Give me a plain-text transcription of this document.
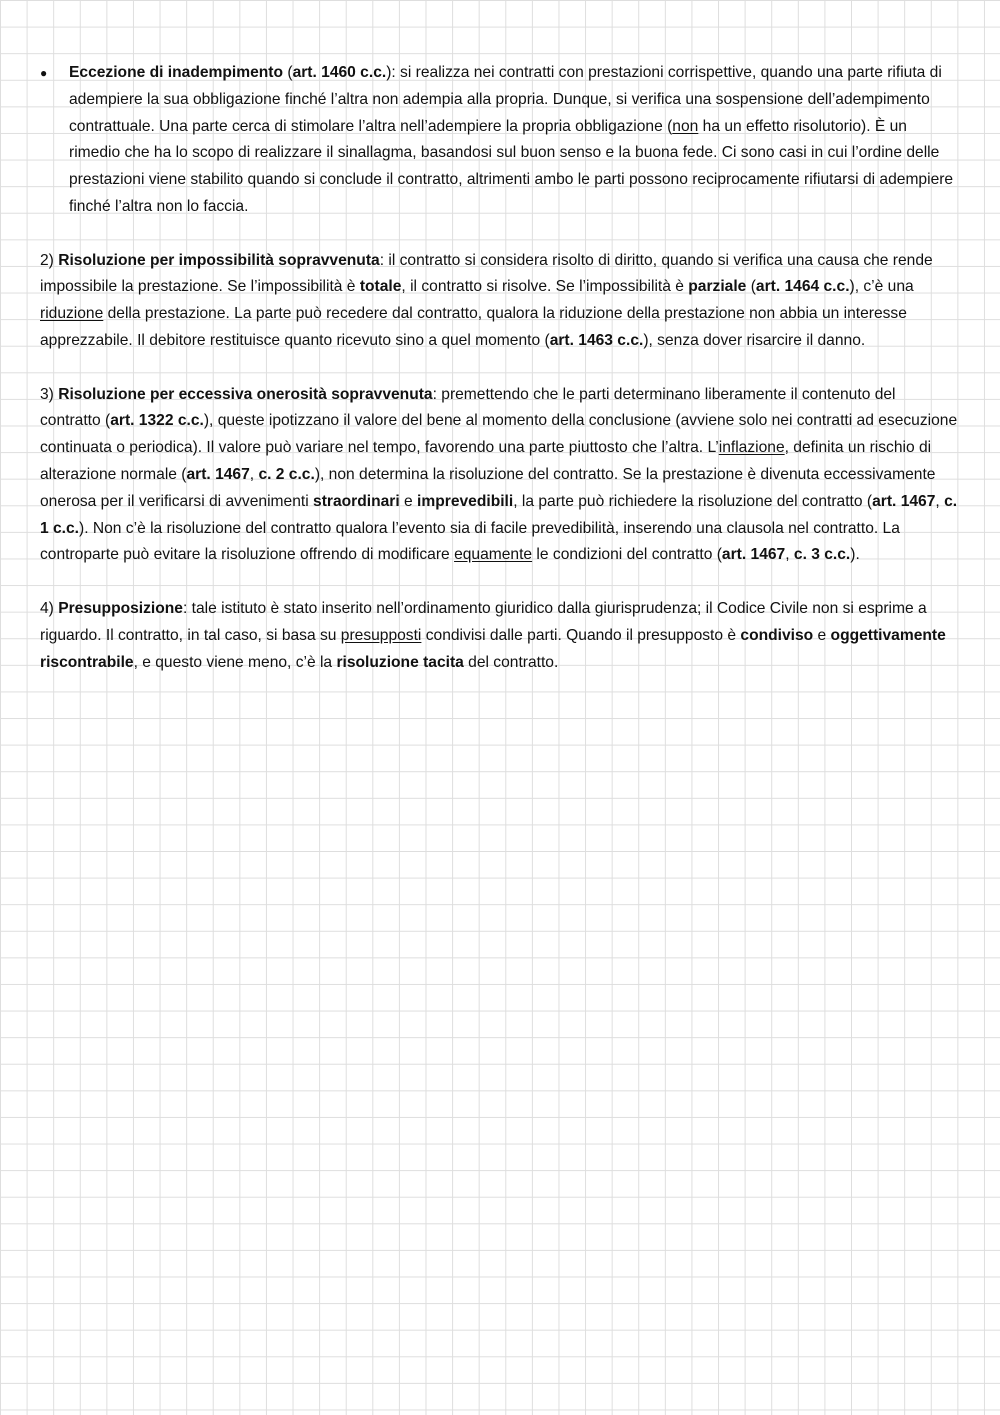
● Eccezione di inadempimento (art. 1460 c.c.): si realizza nei contratti con prestazioni corrispettive, quando una parte rifiuta di adempiere la sua obbligazione finché l’altra non adempia alla propria. Dunque, si verifica una sospensione dell’adempimento contrattuale. Una parte cerca di stimolare l’altra nell’adempiere la propria obbligazione (non ha un effetto risolutorio). È un rimedio che ha lo scopo di realizzare il sinallagma, basandosi sul buon senso e la buona fede. Ci sono casi in cui l’ordine delle prestazioni viene stabilito quando si conclude il contratto, altrimenti ambo le parti possono reciprocamente rifiutarsi di adempiere finché l’altra non lo faccia.

2) Risoluzione per impossibilità sopravvenuta: il contratto si considera risolto di diritto, quando si verifica una causa che rende impossibile la prestazione. Se l’impossibilità è totale, il contratto si risolve. Se l’impossibilità è parziale (art. 1464 c.c.), c’è una riduzione della prestazione. La parte può recedere dal contratto, qualora la riduzione della prestazione non abbia un interesse apprezzabile. Il debitore restituisce quanto ricevuto sino a quel momento (art. 1463 c.c.), senza dover risarcire il danno.

3) Risoluzione per eccessiva onerosità sopravvenuta: premettendo che le parti determinano liberamente il contenuto del contratto (art. 1322 c.c.), queste ipotizzano il valore del bene al momento della conclusione (avviene solo nei contratti ad esecuzione continuata o periodica). Il valore può variare nel tempo, favorendo una parte piuttosto che l’altra. L’inflazione, definita un rischio di alterazione normale (art. 1467, c. 2 c.c.), non determina la risoluzione del contratto. Se la prestazione è divenuta eccessivamente onerosa per il verificarsi di avvenimenti straordinari e imprevedibili, la parte può richiedere la risoluzione del contratto (art. 1467, c. 1 c.c.). Non c’è la risoluzione del contratto qualora l’evento sia di facile prevedibilità, inserendo una clausola nel contratto. La controparte può evitare la risoluzione offrendo di modificare equamente le condizioni del contratto (art. 1467, c. 3 c.c.).

4) Presupposizione: tale istituto è stato inserito nell’ordinamento giuridico dalla giurisprudenza; il Codice Civile non si esprime a riguardo. Il contratto, in tal caso, si basa su presupposti condivisi dalle parti. Quando il presupposto è condiviso e oggettivamente riscontrabile, e questo viene meno, c’è la risoluzione tacita del contratto.
